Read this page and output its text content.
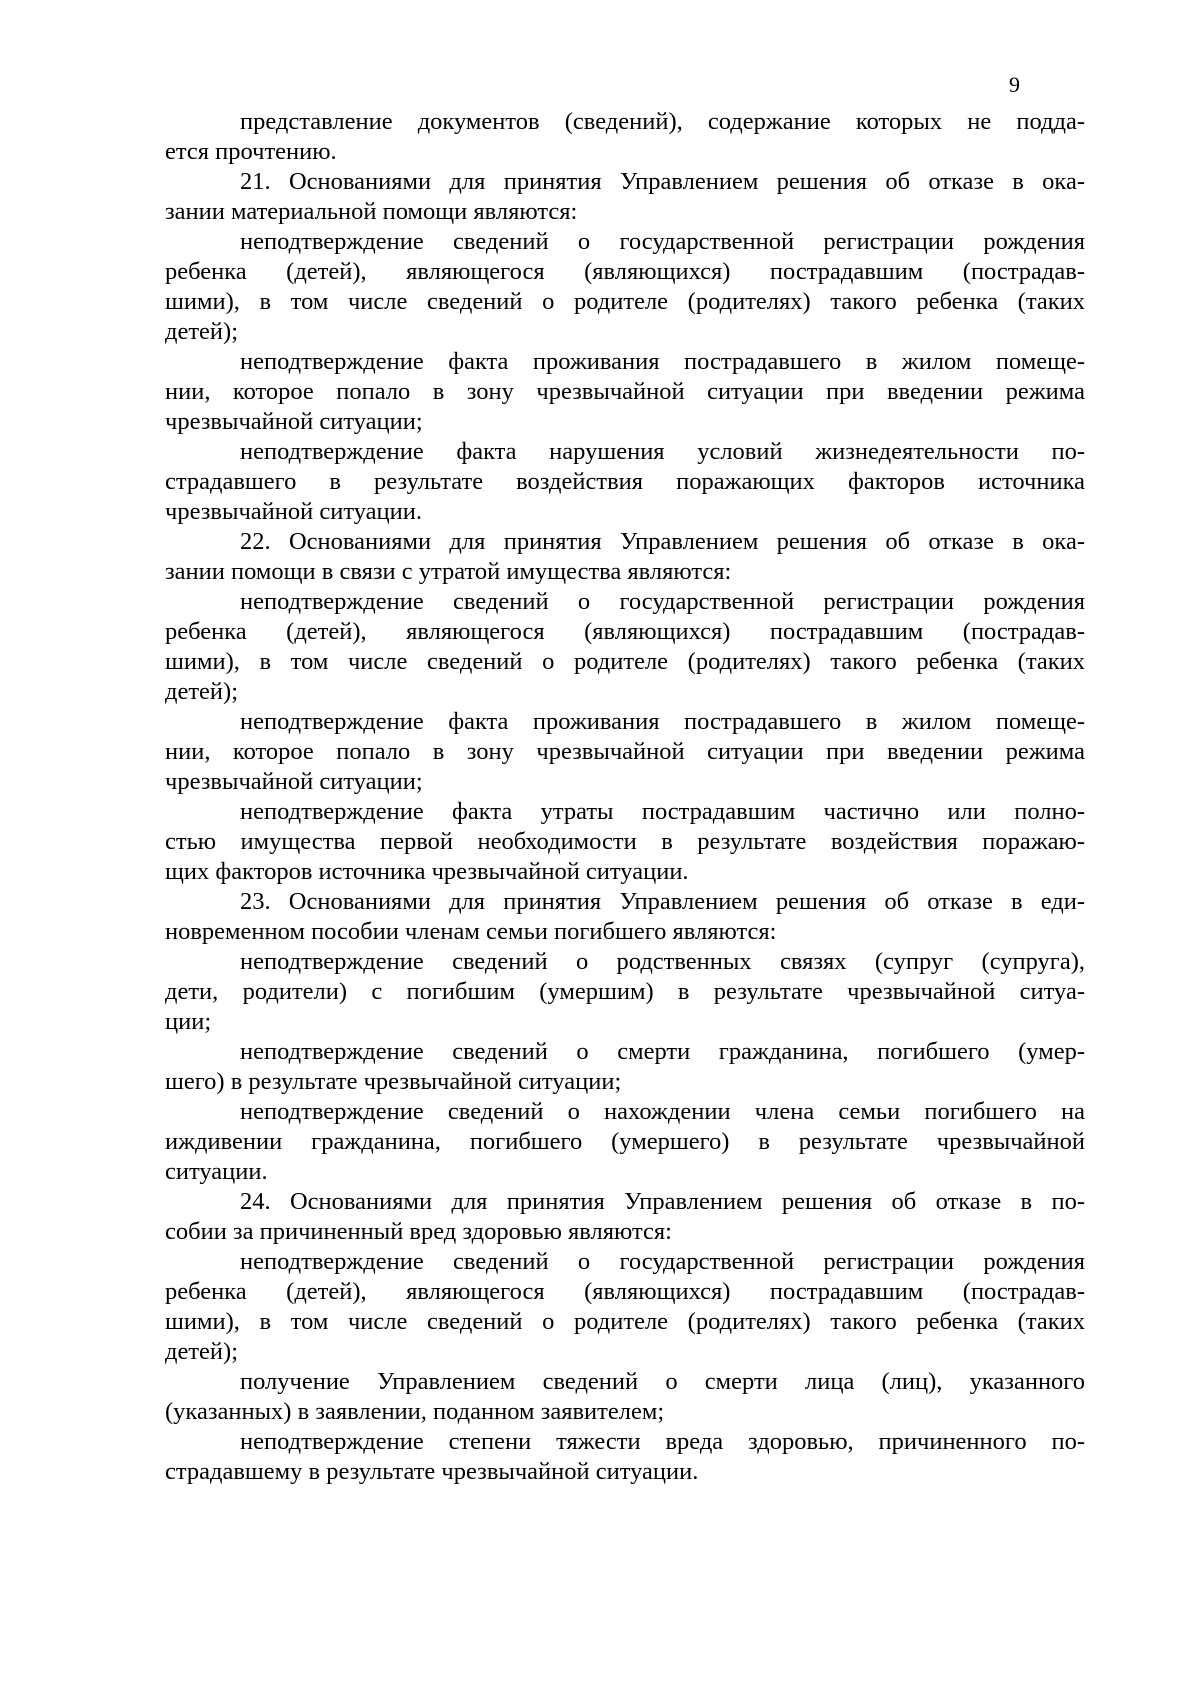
9
представление документов (сведений), содержание которых не подда-
ется прочтению.
21. Основаниями для принятия Управлением решения об отказе в ока-
зании материальной помощи являются:
неподтверждение сведений о государственной регистрации рождения
ребенка (детей), являющегося (являющихся) пострадавшим (пострадав-
шими), в том числе сведений о родителе (родителях) такого ребенка (таких
детей);
неподтверждение факта проживания пострадавшего в жилом помеще-
нии, которое попало в зону чрезвычайной ситуации при введении режима
чрезвычайной ситуации;
неподтверждение факта нарушения условий жизнедеятельности по-
страдавшего в результате воздействия поражающих факторов источника
чрезвычайной ситуации.
22. Основаниями для принятия Управлением решения об отказе в ока-
зании помощи в связи с утратой имущества являются:
неподтверждение сведений о государственной регистрации рождения
ребенка (детей), являющегося (являющихся) пострадавшим (пострадав-
шими), в том числе сведений о родителе (родителях) такого ребенка (таких
детей);
неподтверждение факта проживания пострадавшего в жилом помеще-
нии, которое попало в зону чрезвычайной ситуации при введении режима
чрезвычайной ситуации;
неподтверждение факта утраты пострадавшим частично или полно-
стью имущества первой необходимости в результате воздействия поражаю-
щих факторов источника чрезвычайной ситуации.
23. Основаниями для принятия Управлением решения об отказе в еди-
новременном пособии членам семьи погибшего являются:
неподтверждение сведений о родственных связях (супруг (супруга),
дети, родители) с погибшим (умершим) в результате чрезвычайной ситуа-
ции;
неподтверждение сведений о смерти гражданина, погибшего (умер-
шего) в результате чрезвычайной ситуации;
неподтверждение сведений о нахождении члена семьи погибшего на
иждивении гражданина, погибшего (умершего) в результате чрезвычайной
ситуации.
24. Основаниями для принятия Управлением решения об отказе в по-
собии за причиненный вред здоровью являются:
неподтверждение сведений о государственной регистрации рождения
ребенка (детей), являющегося (являющихся) пострадавшим (пострадав-
шими), в том числе сведений о родителе (родителях) такого ребенка (таких
детей);
получение Управлением сведений о смерти лица (лиц), указанного
(указанных) в заявлении, поданном заявителем;
неподтверждение степени тяжести вреда здоровью, причиненного по-
страдавшему в результате чрезвычайной ситуации.
